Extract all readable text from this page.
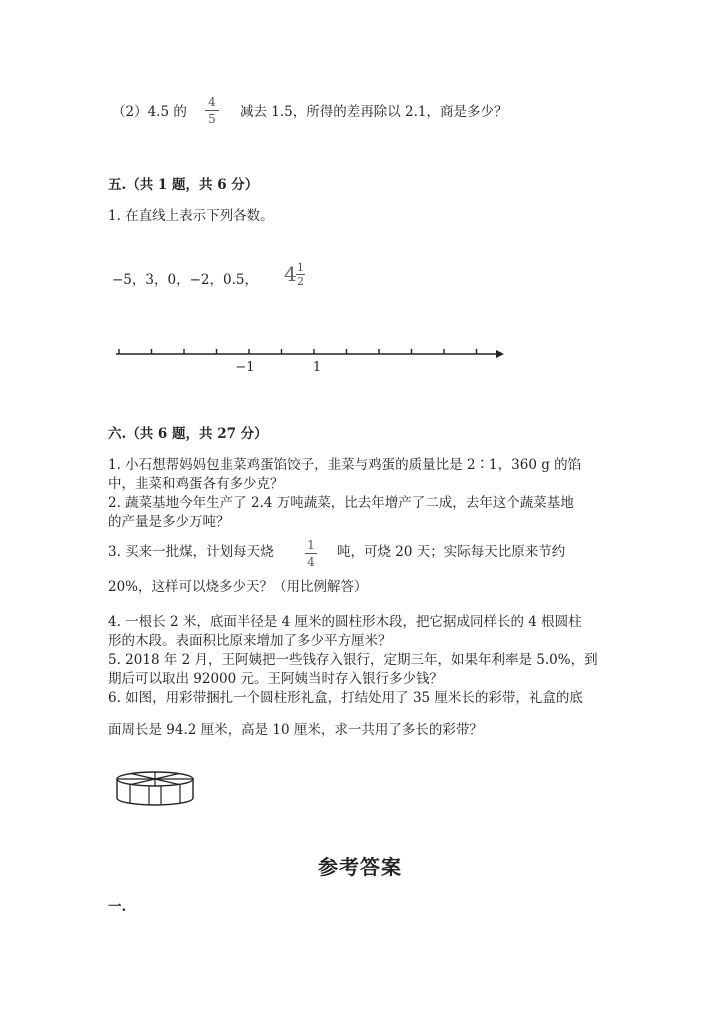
（2）4.5 的
4
5 减去 1.5，所得的差再除以 2.1，商是多少？
五.（共 1 题，共 6 分）
1. 在直线上表示下列各数。
−5，3，0，−2，0.5， 4 1
2
−1	1
六.（共 6 题，共 27 分）
1. 小石想帮妈妈包韭菜鸡蛋馅饺子，韭菜与鸡蛋的质量比是 2∶1，360 g 的馅
中，韭菜和鸡蛋各有多少克？
2. 蔬菜基地今年生产了 2.4 万吨蔬菜，比去年增产了二成，去年这个蔬菜基地
的产量是多少万吨？
3. 买来一批煤，计划每天烧	1
4
吨，可烧 20 天；实际每天比原来节约
20%，这样可以烧多少天？（用比例解答）
4. 一根长 2 米，底面半径是 4 厘米的圆柱形木段，把它据成同样长的 4 根圆柱
形的木段。表面积比原来增加了多少平方厘米？
5. 2018 年 2 月，王阿姨把一些钱存入银行，定期三年，如果年利率是 5.0%，到
期后可以取出 92000 元。王阿姨当时存入银行多少钱？
6. 如图，用彩带捆扎一个圆柱形礼盒，打结处用了 35 厘米长的彩带，礼盒的底
面周长是 94.2 厘米，高是 10 厘米，求一共用了多长的彩带？
参考答案
一.
